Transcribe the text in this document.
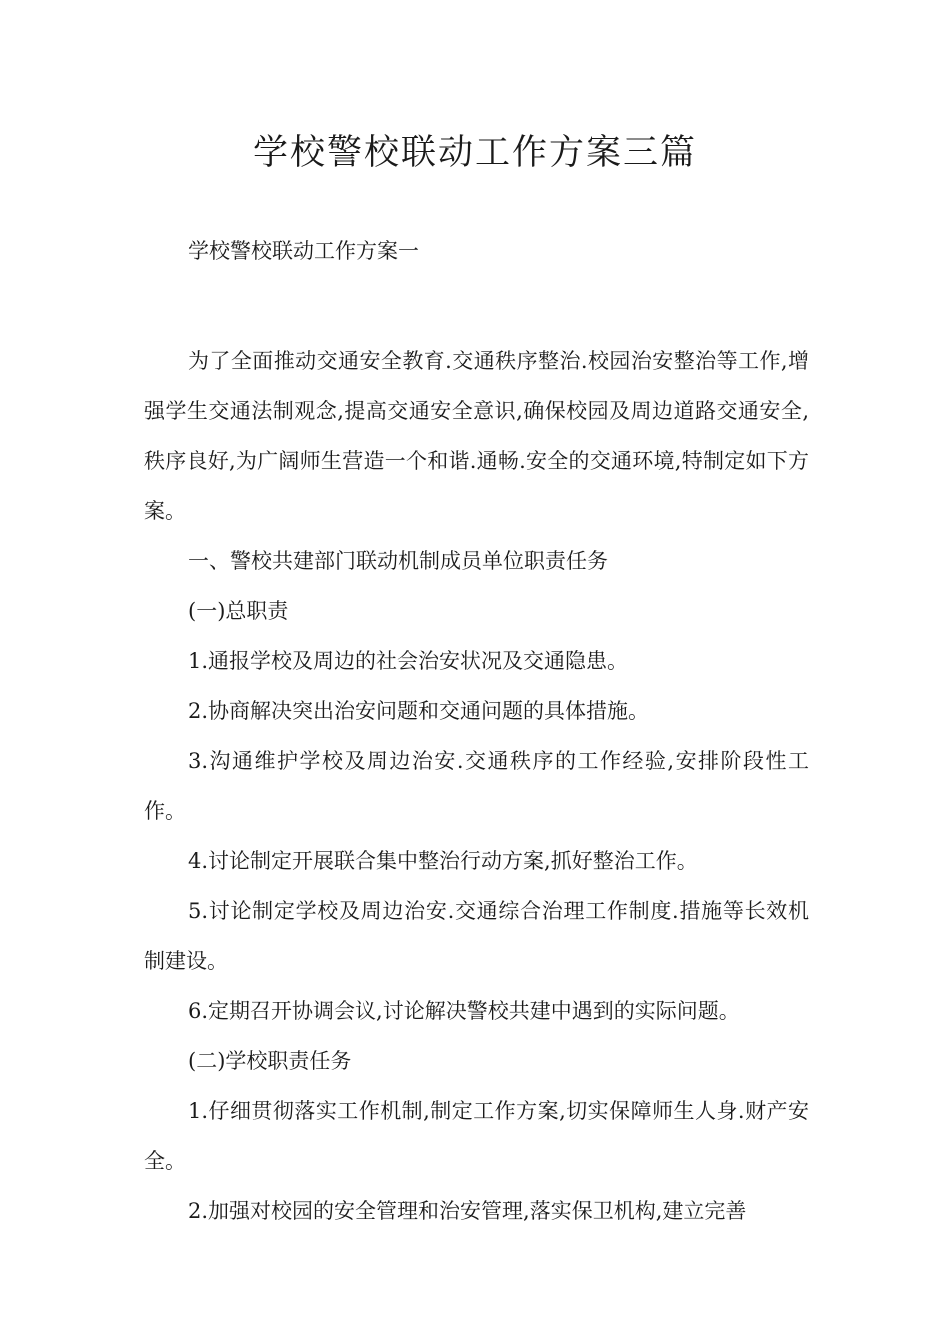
学校警校联动工作方案三篇

学校警校联动工作方案一

为了全面推动交通安全教育.交通秩序整治.校园治安整治等工作,增强学生交通法制观念,提高交通安全意识,确保校园及周边道路交通安全,秩序良好,为广阔师生营造一个和谐.通畅.安全的交通环境,特制定如下方案。

一、警校共建部门联动机制成员单位职责任务

(一)总职责

1.通报学校及周边的社会治安状况及交通隐患。

2.协商解决突出治安问题和交通问题的具体措施。

3.沟通维护学校及周边治安.交通秩序的工作经验,安排阶段性工作。

4.讨论制定开展联合集中整治行动方案,抓好整治工作。

5.讨论制定学校及周边治安.交通综合治理工作制度.措施等长效机制建设。

6.定期召开协调会议,讨论解决警校共建中遇到的实际问题。

(二)学校职责任务

1.仔细贯彻落实工作机制,制定工作方案,切实保障师生人身.财产安全。

2.加强对校园的安全管理和治安管理,落实保卫机构,建立完善
